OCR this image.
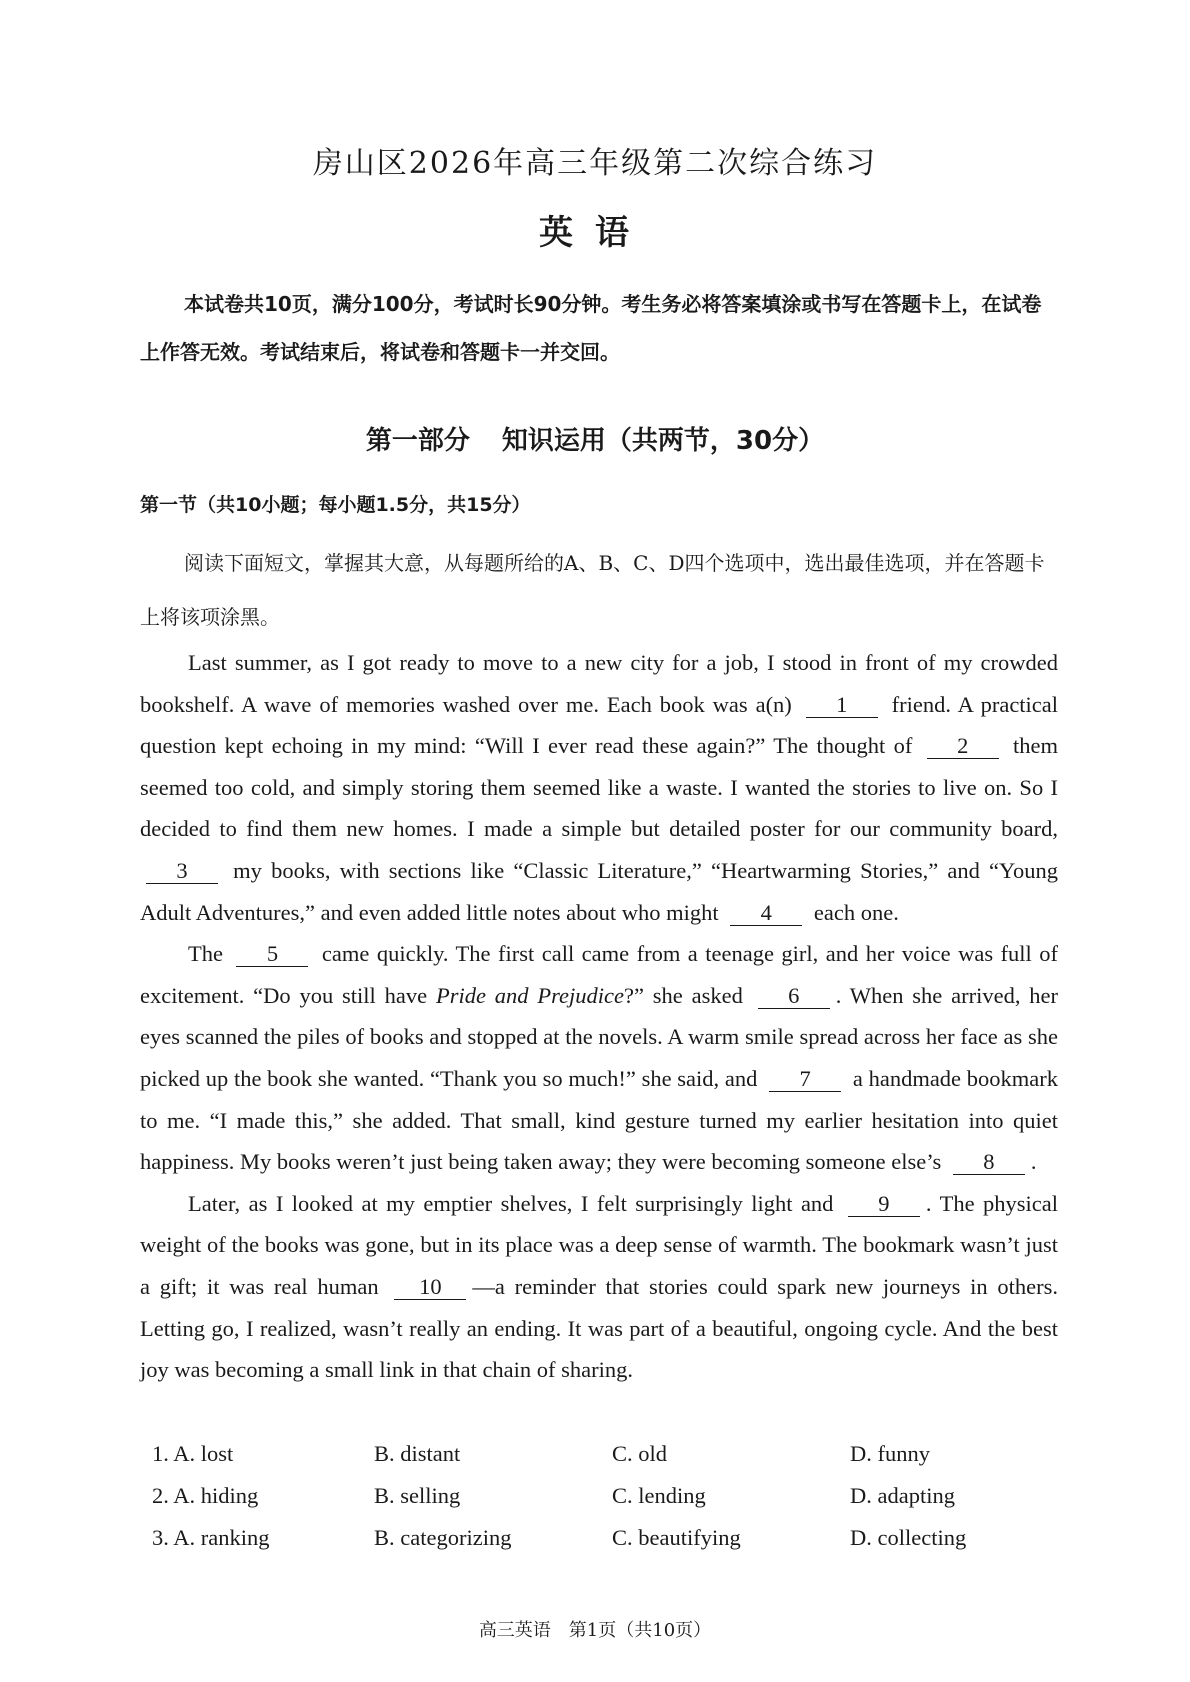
房山区2026年高三年级第二次综合练习
英语
本试卷共10页，满分100分，考试时长90分钟。考生务必将答案填涂或书写在答题卡上，在试卷上作答无效。考试结束后，将试卷和答题卡一并交回。
第一部分 知识运用（共两节，30分）
第一节（共10小题；每小题1.5分，共15分）
阅读下面短文，掌握其大意，从每题所给的A、B、C、D四个选项中，选出最佳选项，并在答题卡上将该项涂黑。

Last summer, as I got ready to move to a new city for a job, I stood in front of my crowded bookshelf. A wave of memories washed over me. Each book was a(n) 1 friend. A practical question kept echoing in my mind: “Will I ever read these again?” The thought of 2 them seemed too cold, and simply storing them seemed like a waste. I wanted the stories to live on. So I decided to find them new homes. I made a simple but detailed poster for our community board, 3 my books, with sections like “Classic Literature,” “Heartwarming Stories,” and “Young Adult Adventures,” and even added little notes about who might 4 each one.

The 5 came quickly. The first call came from a teenage girl, and her voice was full of excitement. “Do you still have Pride and Prejudice?” she asked 6 . When she arrived, her eyes scanned the piles of books and stopped at the novels. A warm smile spread across her face as she picked up the book she wanted. “Thank you so much!” she said, and 7 a handmade bookmark to me. “I made this,” she added. That small, kind gesture turned my earlier hesitation into quiet happiness. My books weren’t just being taken away; they were becoming someone else’s 8 .

Later, as I looked at my emptier shelves, I felt surprisingly light and 9 . The physical weight of the books was gone, but in its place was a deep sense of warmth. The bookmark wasn’t just a gift; it was real human 10 —a reminder that stories could spark new journeys in others. Letting go, I realized, wasn’t really an ending. It was part of a beautiful, ongoing cycle. And the best joy was becoming a small link in that chain of sharing.

1. A. lost	B. distant	C. old	D. funny
2. A. hiding	B. selling	C. lending	D. adapting
3. A. ranking	B. categorizing	C. beautifying	D. collecting
高三英语　第1页（共10页）
